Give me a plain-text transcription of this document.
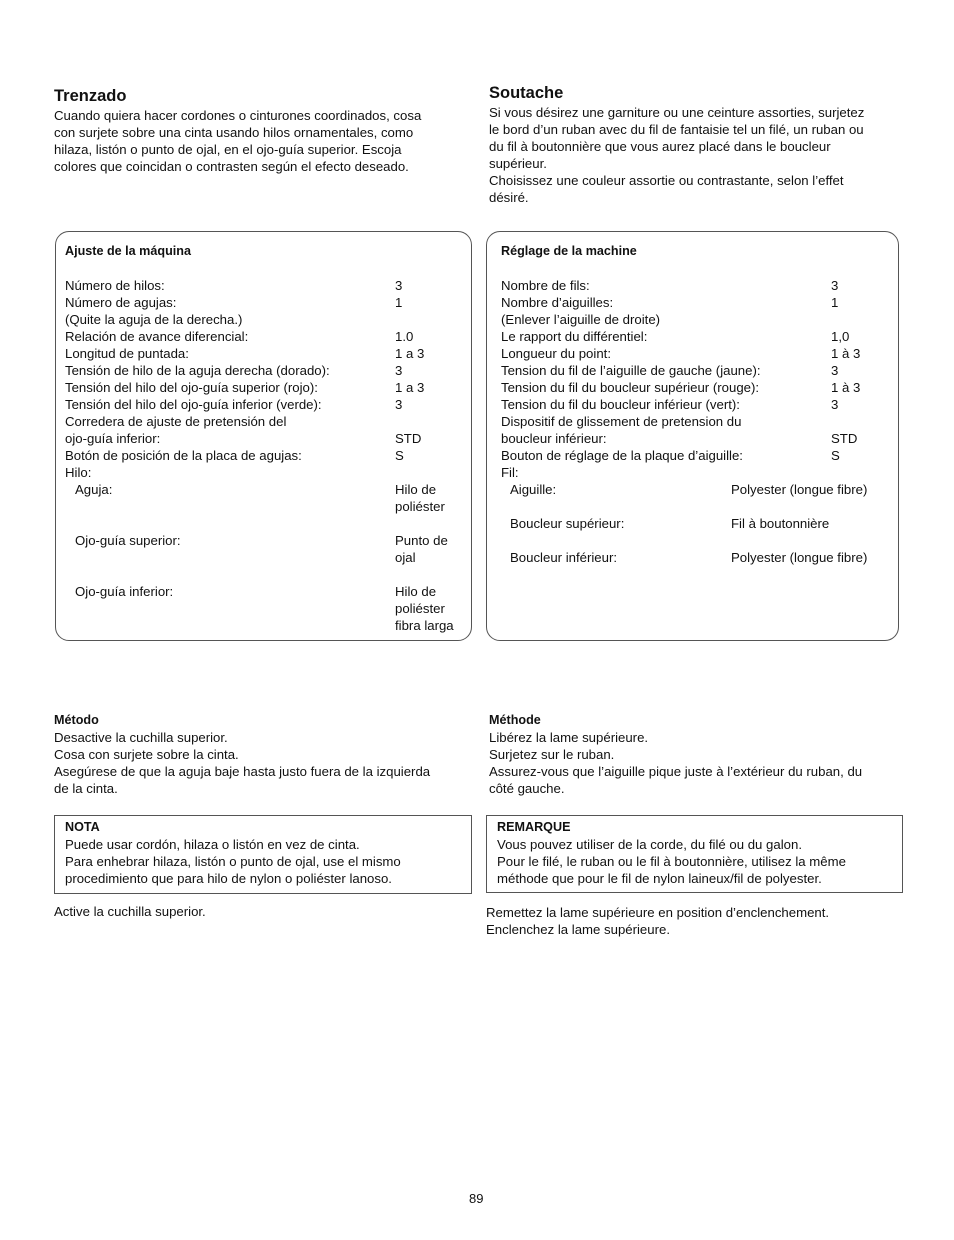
Trenzado
Cuando quiera hacer cordones o cinturones coordinados, cosa
con surjete sobre una cinta usando hilos ornamentales, como
hilaza, listón o punto de ojal, en el ojo-guía superior. Escoja
colores que coincidan o contrasten según el efecto deseado.
Ajuste de la máquina
Número de hilos:	3
Número de agujas:	1
(Quite la aguja de la derecha.)
Relación de avance diferencial:	1.0
Longitud de puntada:	1 a 3
Tensión de hilo de la aguja derecha (dorado):	3
Tensión del hilo del ojo-guía superior (rojo):	1 a 3
Tensión del hilo del ojo-guía inferior (verde):	3
Corredera de ajuste de pretensión del
ojo-guía inferior:	STD
Botón de posición de la placa de agujas:	S
Hilo:
Aguja:	Hilo de
poliéster
Ojo-guía superior:	Punto de
ojal
Ojo-guía inferior:	Hilo de
poliéster
fibra larga
Método
Desactive la cuchilla superior.
Cosa con surjete sobre la cinta.
Asegúrese de que la aguja baje hasta justo fuera de la izquierda
de la cinta.
NOTA
Puede usar cordón, hilaza o listón en vez de cinta.
Para enhebrar hilaza, listón o punto de ojal, use el mismo
procedimiento que para hilo de nylon o poliéster lanoso.
Active la cuchilla superior.
Soutache
Si vous désirez une garniture ou une ceinture assorties, surjetez
le bord d’un ruban avec du fil de fantaisie tel un filé, un ruban ou
du fil à boutonnière que vous aurez placé dans le boucleur
supérieur.
Choisissez une couleur assortie ou contrastante, selon l’effet
désiré.
Réglage de la machine
Nombre de fils:	3
Nombre d’aiguilles:	1
(Enlever l’aiguille de droite)
Le rapport du différentiel:	1,0
Longueur du point:	1 à 3
Tension du fil de l’aiguille de gauche (jaune):	3
Tension du fil du boucleur supérieur (rouge):	1 à 3
Tension du fil du boucleur inférieur (vert):	3
Dispositif de glissement de pretension du
boucleur inférieur:	STD
Bouton de réglage de la plaque d’aiguille:	S
Fil:
Aiguille:	Polyester (longue fibre)
Boucleur supérieur:	Fil à boutonnière
Boucleur inférieur:	Polyester (longue fibre)
Méthode
Libérez la lame supérieure.
Surjetez sur le ruban.
Assurez-vous que l’aiguille pique juste à l’extérieur du ruban, du
côté gauche.
REMARQUE
Vous pouvez utiliser de la corde, du filé ou du galon.
Pour le filé, le ruban ou le fil à boutonnière, utilisez la même
méthode que pour le fil de nylon laineux/fil de polyester.
Remettez la lame supérieure en position d’enclenchement.
Enclenchez la lame supérieure.
89
